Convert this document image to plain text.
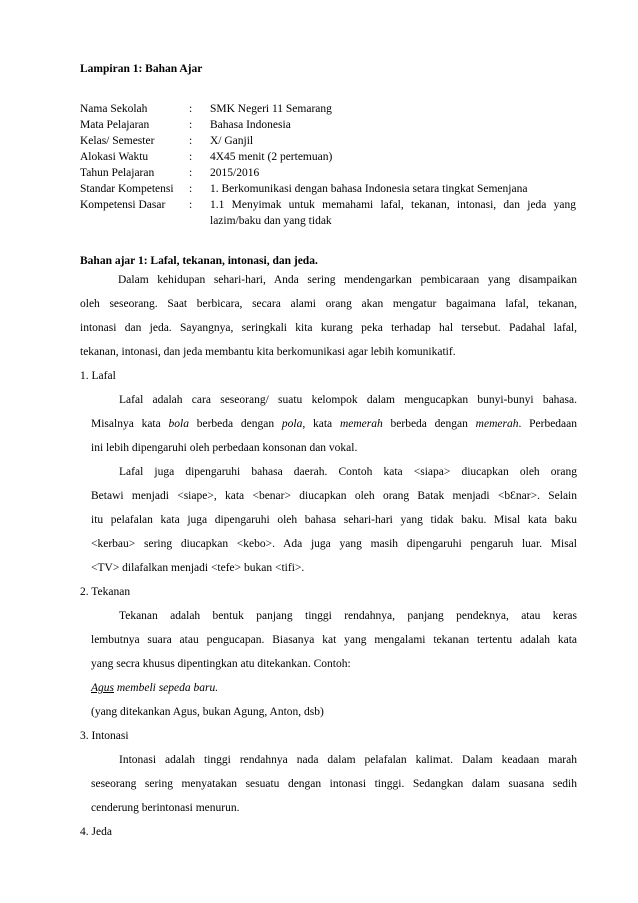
Lampiran 1: Bahan Ajar
Nama Sekolah	: SMK Negeri 11 Semarang
Mata Pelajaran	: Bahasa Indonesia
Kelas/ Semester	: X/ Ganjil
Alokasi Waktu	: 4X45 menit (2 pertemuan)
Tahun Pelajaran	: 2015/2016
Standar Kompetensi : 1. Berkomunikasi dengan bahasa Indonesia setara tingkat Semenjana
Kompetensi Dasar : 1.1 Menyimak untuk memahami lafal, tekanan, intonasi, dan jeda yang
lazim/baku dan yang tidak
Bahan ajar 1: Lafal, tekanan, intonasi, dan jeda.
Dalam kehidupan sehari-hari, Anda sering mendengarkan pembicaraan yang disampaikan
oleh seseorang. Saat berbicara, secara alami orang akan mengatur bagaimana lafal, tekanan,
intonasi dan jeda. Sayangnya, seringkali kita kurang peka terhadap hal tersebut. Padahal lafal,
tekanan, intonasi, dan jeda membantu kita berkomunikasi agar lebih komunikatif.
1. Lafal
Lafal adalah cara seseorang/ suatu kelompok dalam mengucapkan bunyi-bunyi bahasa.
Misalnya kata bola berbeda dengan pola, kata memerah berbeda dengan memerah. Perbedaan
ini lebih dipengaruhi oleh perbedaan konsonan dan vokal.
Lafal juga dipengaruhi bahasa daerah. Contoh kata <siapa> diucapkan oleh orang
Betawi menjadi <siape>, kata <benar> diucapkan oleh orang Batak menjadi <bƐnar>. Selain
itu pelafalan kata juga dipengaruhi oleh bahasa sehari-hari yang tidak baku. Misal kata baku
<kerbau> sering diucapkan <kebo>. Ada juga yang masih dipengaruhi pengaruh luar. Misal
<TV> dilafalkan menjadi <tefe> bukan <tifi>.
2. Tekanan
Tekanan adalah bentuk panjang tinggi rendahnya, panjang pendeknya, atau keras
lembutnya suara atau pengucapan. Biasanya kat yang mengalami tekanan tertentu adalah kata
yang secra khusus dipentingkan atu ditekankan. Contoh:
Agus membeli sepeda baru.
(yang ditekankan Agus, bukan Agung, Anton, dsb)
3. Intonasi
Intonasi adalah tinggi rendahnya nada dalam pelafalan kalimat. Dalam keadaan marah
seseorang sering menyatakan sesuatu dengan intonasi tinggi. Sedangkan dalam suasana sedih
cenderung berintonasi menurun.
4. Jeda
